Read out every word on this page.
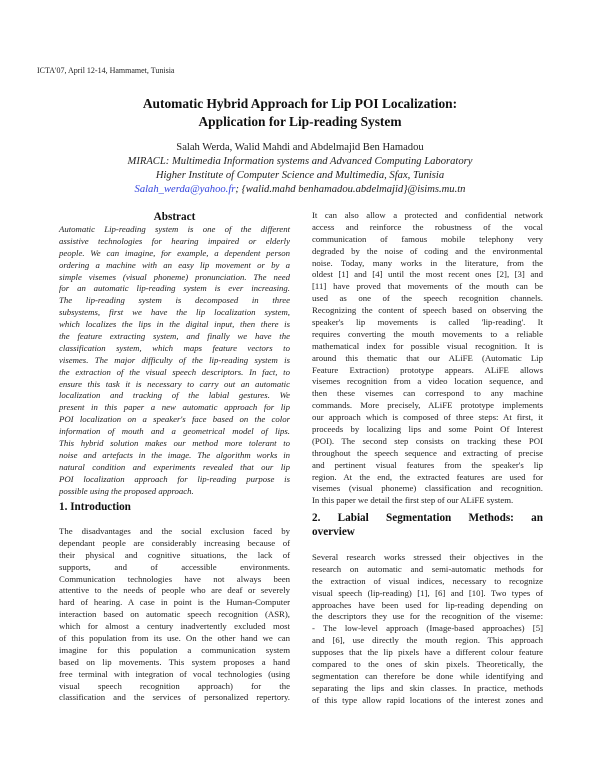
ICTA'07, April 12-14, Hammamet, Tunisia
Automatic Hybrid Approach for Lip POI Localization:
Application for Lip-reading System
Salah Werda, Walid Mahdi and Abdelmajid Ben Hamadou
MIRACL: Multimedia Information systems and Advanced Computing Laboratory
Higher Institute of Computer Science and Multimedia, Sfax, Tunisia
Salah_werda@yahoo.fr; {walid.mahd benhamadou.abdelmajid}@isims.mu.tn
Abstract
Automatic Lip-reading system is one of the different
assistive technologies for hearing impaired or elderly
people. We can imagine, for example, a dependent person
ordering a machine with an easy lip movement or by a
simple visemes (visual phoneme) pronunciation. The need
for an automatic lip-reading system is ever increasing.
The lip-reading system is decomposed in three
subsystems, first we have the lip localization system,
which localizes the lips in the digital input, then there is
the feature extracting system, and finally we have the
classification system, which maps feature vectors to
visemes. The major difficulty of the lip-reading system is
the extraction of the visual speech descriptors. In fact, to
ensure this task it is necessary to carry out an automatic
localization and tracking of the labial gestures. We
present in this paper a new automatic approach for lip
POI localization on a speaker's face based on the color
information of mouth and a geometrical model of lips.
This hybrid solution makes our method more tolerant to
noise and artefacts in the image. The algorithm works in
natural condition and experiments revealed that our lip
POI localization approach for lip-reading purpose is
possible using the proposed approach.
1. Introduction
The disadvantages and the social exclusion faced by
dependant people are considerably increasing because of
their physical and cognitive situations, the lack of
supports, and of accessible environments.
Communication technologies have not always been
attentive to the needs of people who are deaf or severely
hard of hearing. A case in point is the Human-Computer
interaction based on automatic speech recognition (ASR),
which for almost a century inadvertently excluded most
of this population from its use. On the other hand we can
imagine for this population a communication system
based on lip movements. This system proposes a hand
free terminal with integration of vocal technologies (using
visual speech recognition approach) for the
classification and the services of personalized repertory.
It can also allow a protected and confidential network
access and reinforce the robustness of the vocal
communication of famous mobile telephony very
degraded by the noise of coding and the environmental
noise. Today, many works in the literature, from the
oldest [1] and [4] until the most recent ones [2], [3] and
[11] have proved that movements of the mouth can be
used as one of the speech recognition channels.
Recognizing the content of speech based on observing the
speaker's lip movements is called 'lip-reading'. It
requires converting the mouth movements to a reliable
mathematical index for possible visual recognition. It is
around this thematic that our ALiFE (Automatic Lip
Feature Extraction) prototype appears. ALiFE allows
visemes recognition from a video location sequence, and
then these visemes can correspond to any machine
commands. More precisely, ALiFE prototype implements
our approach which is composed of three steps: At first, it
proceeds by localizing lips and some Point Of Interest
(POI). The second step consists on tracking these POI
throughout the speech sequence and extracting of precise
and pertinent visual features from the speaker's lip
region. At the end, the extracted features are used for
visemes (visual phoneme) classification and recognition.
In this paper we detail the first step of our ALiFE system.
2. Labial Segmentation Methods: an
overview
Several research works stressed their objectives in the
research on automatic and semi-automatic methods for
the extraction of visual indices, necessary to recognize
visual speech (lip-reading) [1], [6] and [10]. Two types of
approaches have been used for lip-reading depending on
the descriptors they use for the recognition of the viseme:
- The low-level approach (Image-based approaches) [5]
and [6], use directly the mouth region. This approach
supposes that the lip pixels have a different colour feature
compared to the ones of skin pixels. Theoretically, the
segmentation can therefore be done while identifying and
separating the lips and skin classes. In practice, methods
of this type allow rapid locations of the interest zones and
